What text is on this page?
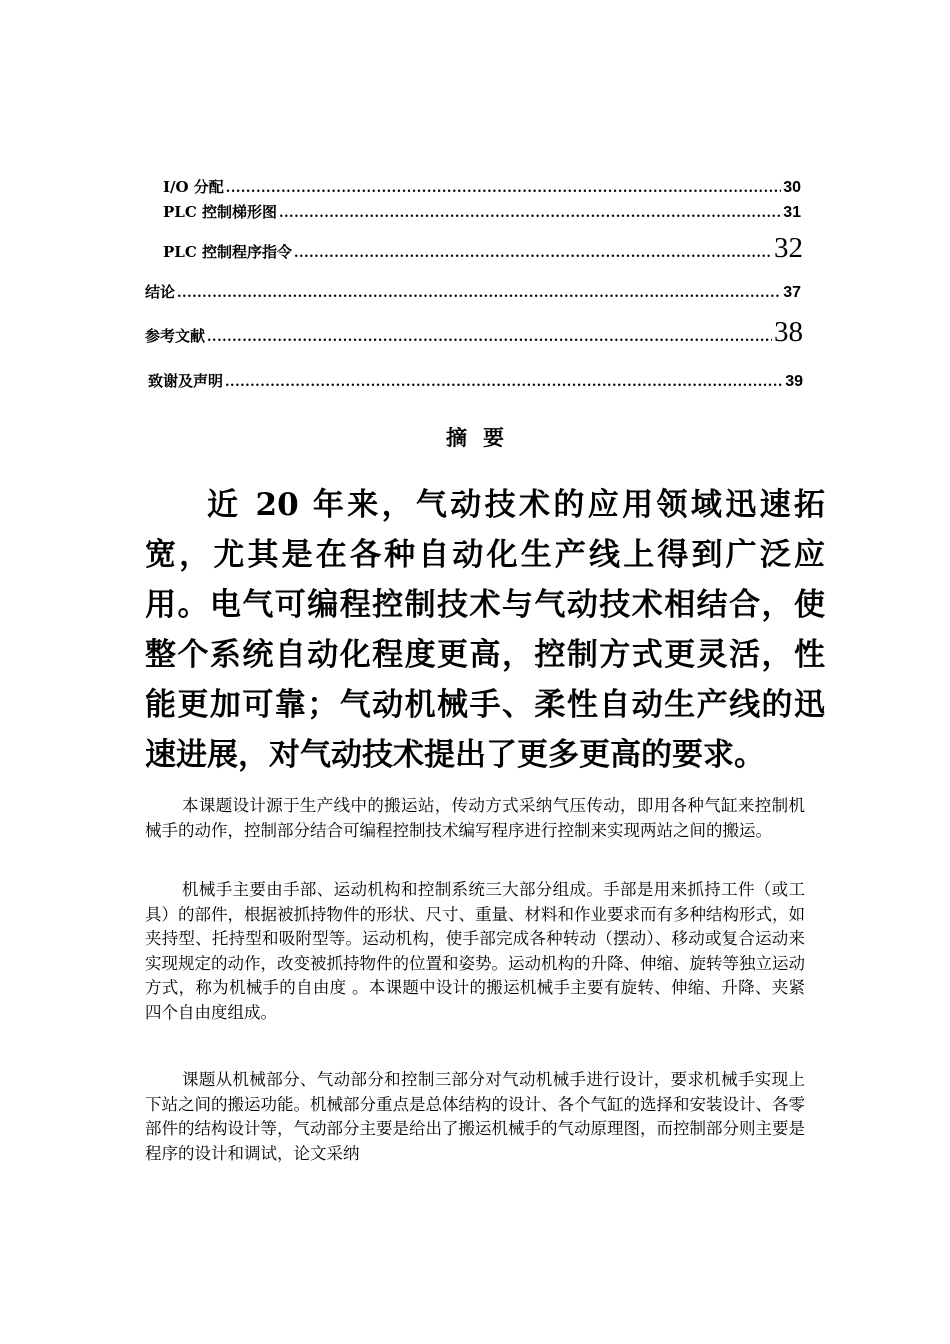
I/O 分配 .....	30
PLC 控制梯形图 .....	31
PLC 控制程序指令 .....	32
结论 .....	37
参考文献 .....	38
致谢及声明 .....	39
摘要

近 20 年来，气动技术的应用领域迅速拓宽，尤其是在各种自动化生产线上得到广泛应用。电气可编程控制技术与气动技术相结合，使整个系统自动化程度更高，控制方式更灵活，性能更加可靠；气动机械手、柔性自动生产线的迅速进展，对气动技术提出了更多更高的要求。

本课题设计源于生产线中的搬运站，传动方式采纳气压传动，即用各种气缸来控制机械手的动作，控制部分结合可编程控制技术编写程序进行控制来实现两站之间的搬运。

机械手主要由手部、运动机构和控制系统三大部分组成。手部是用来抓持工件（或工具）的部件，根据被抓持物件的形状、尺寸、重量、材料和作业要求而有多种结构形式，如夹持型、托持型和吸附型等。运动机构，使手部完成各种转动（摆动）、移动或复合运动来实现规定的动作，改变被抓持物件的位置和姿势。运动机构的升降、伸缩、旋转等独立运动方式，称为机械手的自由度 。本课题中设计的搬运机械手主要有旋转、伸缩、升降、夹紧四个自由度组成。

课题从机械部分、气动部分和控制三部分对气动机械手进行设计，要求机械手实现上下站之间的搬运功能。机械部分重点是总体结构的设计、各个气缸的选择和安装设计、各零部件的结构设计等，气动部分主要是给出了搬运机械手的气动原理图，而控制部分则主要是程序的设计和调试，论文采纳
